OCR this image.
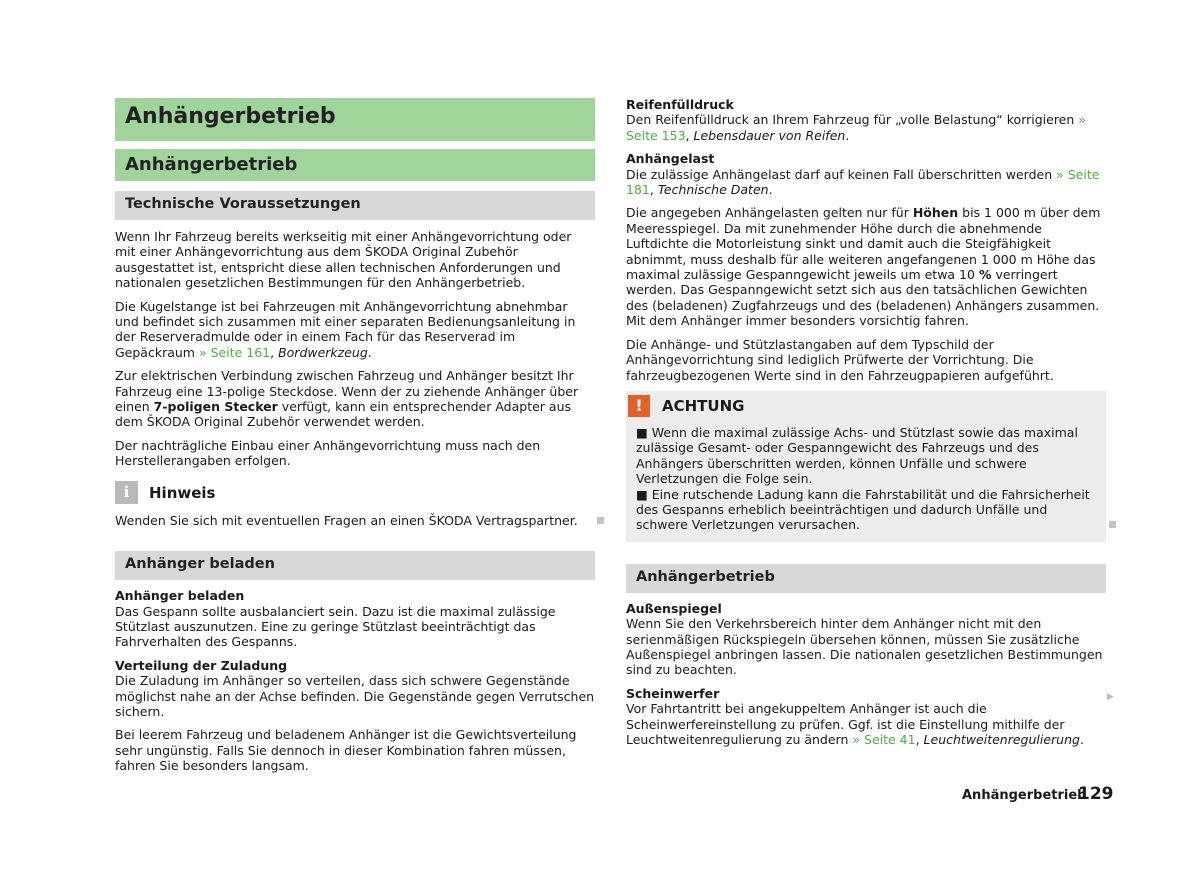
Anhängerbetrieb
Anhängerbetrieb
Technische Voraussetzungen

Wenn Ihr Fahrzeug bereits werkseitig mit einer Anhängevorrichtung oder mit einer Anhängevorrichtung aus dem ŠKODA Original Zubehör ausgestattet ist, entspricht diese allen technischen Anforderungen und nationalen gesetzlichen Bestimmungen für den Anhängerbetrieb.

Die Kugelstange ist bei Fahrzeugen mit Anhängevorrichtung abnehmbar und befindet sich zusammen mit einer separaten Bedienungsanleitung in der Reserveradmulde oder in einem Fach für das Reserverad im Gepäckraum » Seite 161, Bordwerkzeug.

Zur elektrischen Verbindung zwischen Fahrzeug und Anhänger besitzt Ihr Fahrzeug eine 13-polige Steckdose. Wenn der zu ziehende Anhänger über einen 7-poligen Stecker verfügt, kann ein entsprechender Adapter aus dem ŠKODA Original Zubehör verwendet werden.

Der nachträgliche Einbau einer Anhängevorrichtung muss nach den Herstellerangaben erfolgen.

i	Hinweis

Wenden Sie sich mit eventuellen Fragen an einen ŠKODA Vertragspartner.

Anhänger beladen

Anhänger beladen
Das Gespann sollte ausbalanciert sein. Dazu ist die maximal zulässige Stützlast auszunutzen. Eine zu geringe Stützlast beeinträchtigt das Fahrverhalten des Gespanns.

Verteilung der Zuladung
Die Zuladung im Anhänger so verteilen, dass sich schwere Gegenstände möglichst nahe an der Achse befinden. Die Gegenstände gegen Verrutschen sichern.

Bei leerem Fahrzeug und beladenem Anhänger ist die Gewichtsverteilung sehr ungünstig. Falls Sie dennoch in dieser Kombination fahren müssen, fahren Sie besonders langsam.

Reifenfülldruck
Den Reifenfülldruck an Ihrem Fahrzeug für „volle Belastung“ korrigieren » Seite 153, Lebensdauer von Reifen.

Anhängelast
Die zulässige Anhängelast darf auf keinen Fall überschritten werden » Seite 181, Technische Daten.

Die angegeben Anhängelasten gelten nur für Höhen bis 1 000 m über dem Meeresspiegel. Da mit zunehmender Höhe durch die abnehmende Luftdichte die Motorleistung sinkt und damit auch die Steigfähigkeit abnimmt, muss deshalb für alle weiteren angefangenen 1 000 m Höhe das maximal zulässige Gespanngewicht jeweils um etwa 10 % verringert werden. Das Gespanngewicht setzt sich aus den tatsächlichen Gewichten des (beladenen) Zugfahrzeugs und des (beladenen) Anhängers zusammen. Mit dem Anhänger immer besonders vorsichtig fahren.

Die Anhänge- und Stützlastangaben auf dem Typschild der Anhängevorrichtung sind lediglich Prüfwerte der Vorrichtung. Die fahrzeugbezogenen Werte sind in den Fahrzeugpapieren aufgeführt.

!	ACHTUNG

■ Wenn die maximal zulässige Achs- und Stützlast sowie das maximal zulässige Gesamt- oder Gespanngewicht des Fahrzeugs und des Anhängers überschritten werden, können Unfälle und schwere Verletzungen die Folge sein.

■ Eine rutschende Ladung kann die Fahrstabilität und die Fahrsicherheit des Gespanns erheblich beeinträchtigen und dadurch Unfälle und schwere Verletzungen verursachen.

Anhängerbetrieb

Außenspiegel
Wenn Sie den Verkehrsbereich hinter dem Anhänger nicht mit den serienmäßigen Rückspiegeln übersehen können, müssen Sie zusätzliche Außenspiegel anbringen lassen. Die nationalen gesetzlichen Bestimmungen sind zu beachten.

Scheinwerfer
Vor Fahrtantritt bei angekuppeltem Anhänger ist auch die Scheinwerfereinstellung zu prüfen. Ggf. ist die Einstellung mithilfe der Leuchtweitenregulierung zu ändern » Seite 41, Leuchtweitenregulierung.

▶
Anhängerbetrieb
129
